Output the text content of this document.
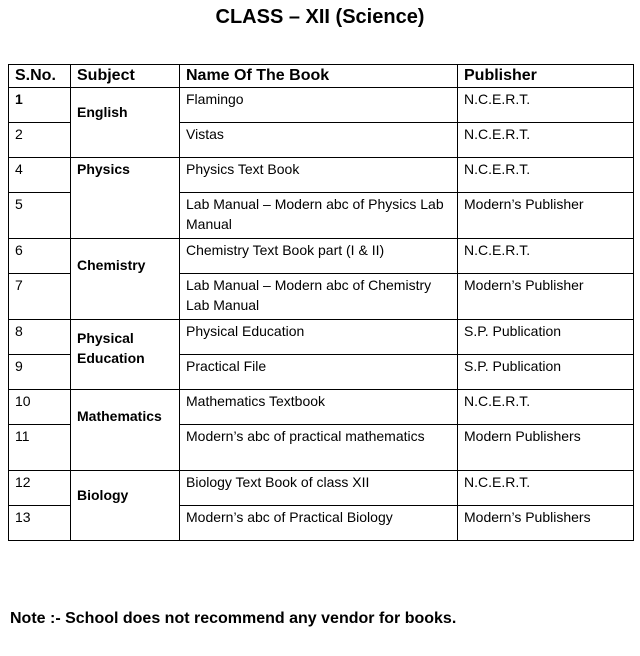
CLASS – XII (Science)
S.No.	Subject	Name Of The Book	Publisher
1	English	Flamingo	N.C.E.R.T.
2		Vistas	N.C.E.R.T.
4	Physics	Physics Text Book	N.C.E.R.T.
5		Lab Manual – Modern abc of Physics Lab Manual	Modern’s Publisher
6	Chemistry	Chemistry Text Book part (I & II)	N.C.E.R.T.
7		Lab Manual – Modern abc of Chemistry Lab Manual	Modern’s Publisher
8	Physical Education	Physical Education	S.P. Publication
9		Practical File	S.P. Publication
10	Mathematics	Mathematics Textbook	N.C.E.R.T.
11		Modern’s abc of practical mathematics	Modern Publishers
12	Biology	Biology Text Book of class XII	N.C.E.R.T.
13		Modern’s abc of Practical Biology	Modern’s Publishers
Note :- School does not recommend any vendor for books.
